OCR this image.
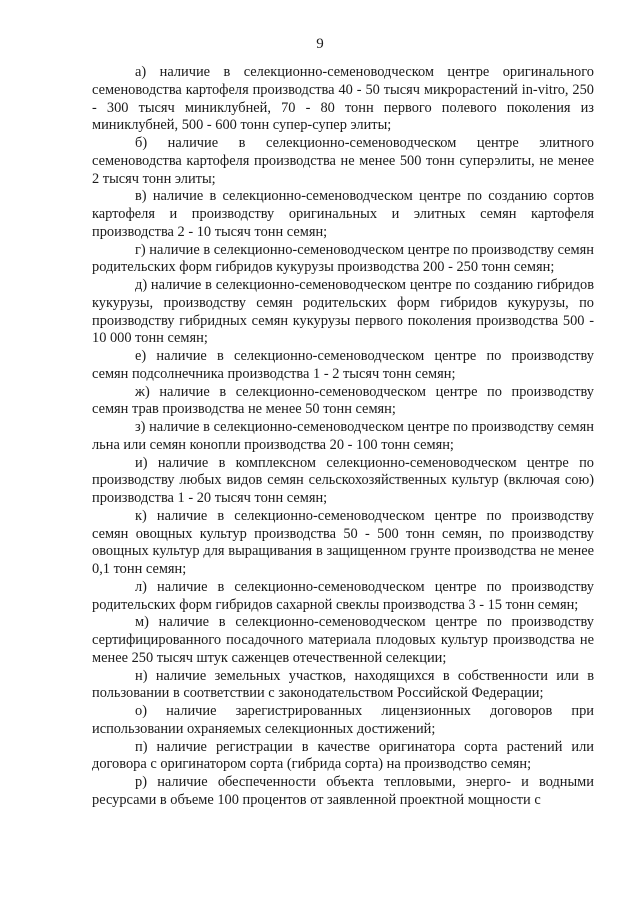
9

а) наличие в селекционно-семеноводческом центре оригинального семеноводства картофеля производства 40 - 50 тысяч микрорастений in-vitro, 250 - 300 тысяч миниклубней, 70 - 80 тонн первого полевого поколения из миниклубней, 500 - 600 тонн супер-супер элиты;

б) наличие в селекционно-семеноводческом центре элитного семеноводства картофеля производства не менее 500 тонн суперэлиты, не менее 2 тысяч тонн элиты;

в) наличие в селекционно-семеноводческом центре по созданию сортов картофеля и производству оригинальных и элитных семян картофеля производства 2 - 10 тысяч тонн семян;

г) наличие в селекционно-семеноводческом центре по производству семян родительских форм гибридов кукурузы производства 200 - 250 тонн семян;

д) наличие в селекционно-семеноводческом центре по созданию гибридов кукурузы, производству семян родительских форм гибридов кукурузы, по производству гибридных семян кукурузы первого поколения производства 500 - 10 000 тонн семян;

е) наличие в селекционно-семеноводческом центре по производству семян подсолнечника производства 1 - 2 тысяч тонн семян;

ж) наличие в селекционно-семеноводческом центре по производству семян трав производства не менее 50 тонн семян;

з) наличие в селекционно-семеноводческом центре по производству семян льна или семян конопли производства 20 - 100 тонн семян;

и) наличие в комплексном селекционно-семеноводческом центре по производству любых видов семян сельскохозяйственных культур (включая сою) производства 1 - 20 тысяч тонн семян;

к) наличие в селекционно-семеноводческом центре по производству семян овощных культур производства 50 - 500 тонн семян, по производству овощных культур для выращивания в защищенном грунте производства не менее 0,1 тонн семян;

л) наличие в селекционно-семеноводческом центре по производству родительских форм гибридов сахарной свеклы производства 3 - 15 тонн семян;

м) наличие в селекционно-семеноводческом центре по производству сертифицированного посадочного материала плодовых культур производства не менее 250 тысяч штук саженцев отечественной селекции;

н) наличие земельных участков, находящихся в собственности или в пользовании в соответствии с законодательством Российской Федерации;

о) наличие зарегистрированных лицензионных договоров при использовании охраняемых селекционных достижений;

п) наличие регистрации в качестве оригинатора сорта растений или договора с оригинатором сорта (гибрида сорта) на производство семян;

р) наличие обеспеченности объекта тепловыми, энерго- и водными ресурсами в объеме 100 процентов от заявленной проектной мощности с
